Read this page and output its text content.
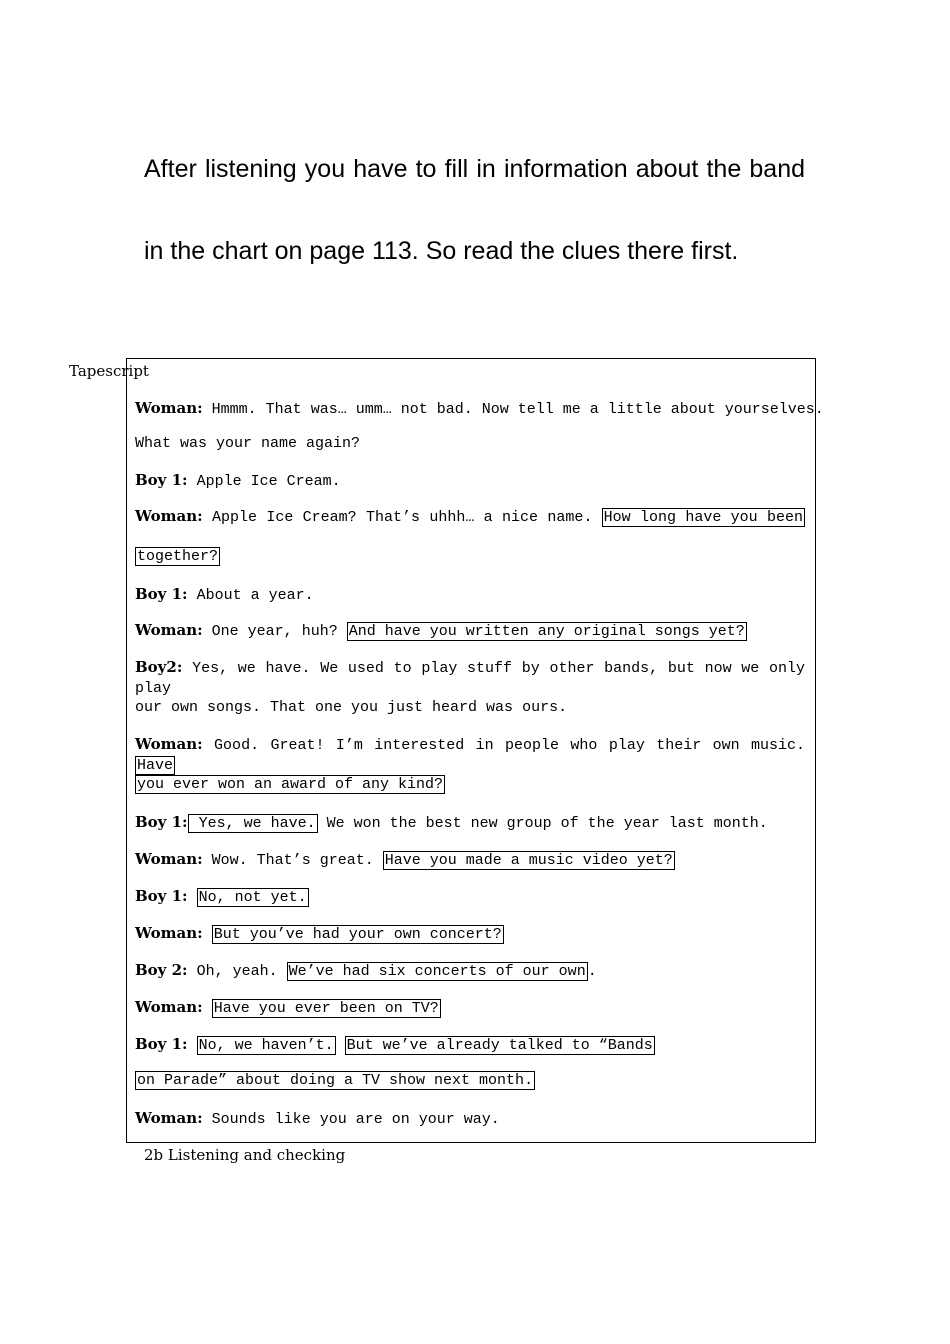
After listening you have to fill in information about the band in the chart on page 113. So read the clues there first.

Tapescript
Woman: Hmmm. That was… umm… not bad. Now tell me a little about yourselves.
What was your name again?
Boy 1: Apple Ice Cream.
Woman: Apple Ice Cream? That’s uhhh… a nice name. How long have you been
together?
Boy 1: About a year.
Woman: One year, huh? And have you written any original songs yet?
Boy2: Yes, we have. We used to play stuff by other bands, but now we only play
our own songs. That one you just heard was ours.
Woman: Good. Great! I’m interested in people who play their own music. Have
you ever won an award of any kind?
Boy 1: Yes, we have. We won the best new group of the year last month.
Woman: Wow. That’s great. Have you made a music video yet?
Boy 1: No, not yet.
Woman: But you’ve had your own concert?
Boy 2: Oh, yeah. We’ve had six concerts of our own .
Woman: Have you ever been on TV?
Boy 1: No, we haven’t. But we’ve already talked to “Bands
on Parade” about doing a TV show next month.
Woman: Sounds like you are on your way.
2b Listening and checking
